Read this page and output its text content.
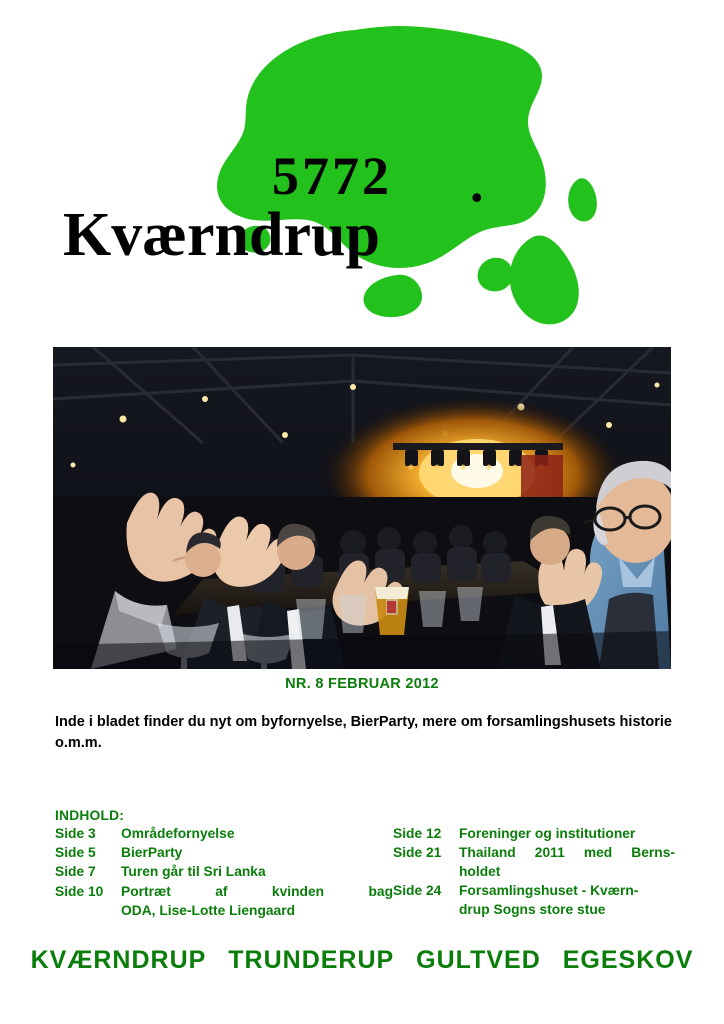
5772 .
Kværndrup
NR. 8 FEBRUAR 2012
Inde i bladet finder du nyt om byfornyelse, BierParty, mere om forsamlingshusets historie o.m.m.
INDHOLD:
Side 3	Områdefornyelse
Side 5	BierParty
Side 7	Turen går til Sri Lanka
Side 10	Portræt af kvinden bag
ODA, Lise-Lotte Liengaard
Side 12	Foreninger og institutioner
Side 21	Thailand 2011 med Berns-
holdet
Side 24	Forsamlingshuset - Kværn-
drup Sogns store stue
KVÆRNDRUP TRUNDERUP GULTVED EGESKOV
